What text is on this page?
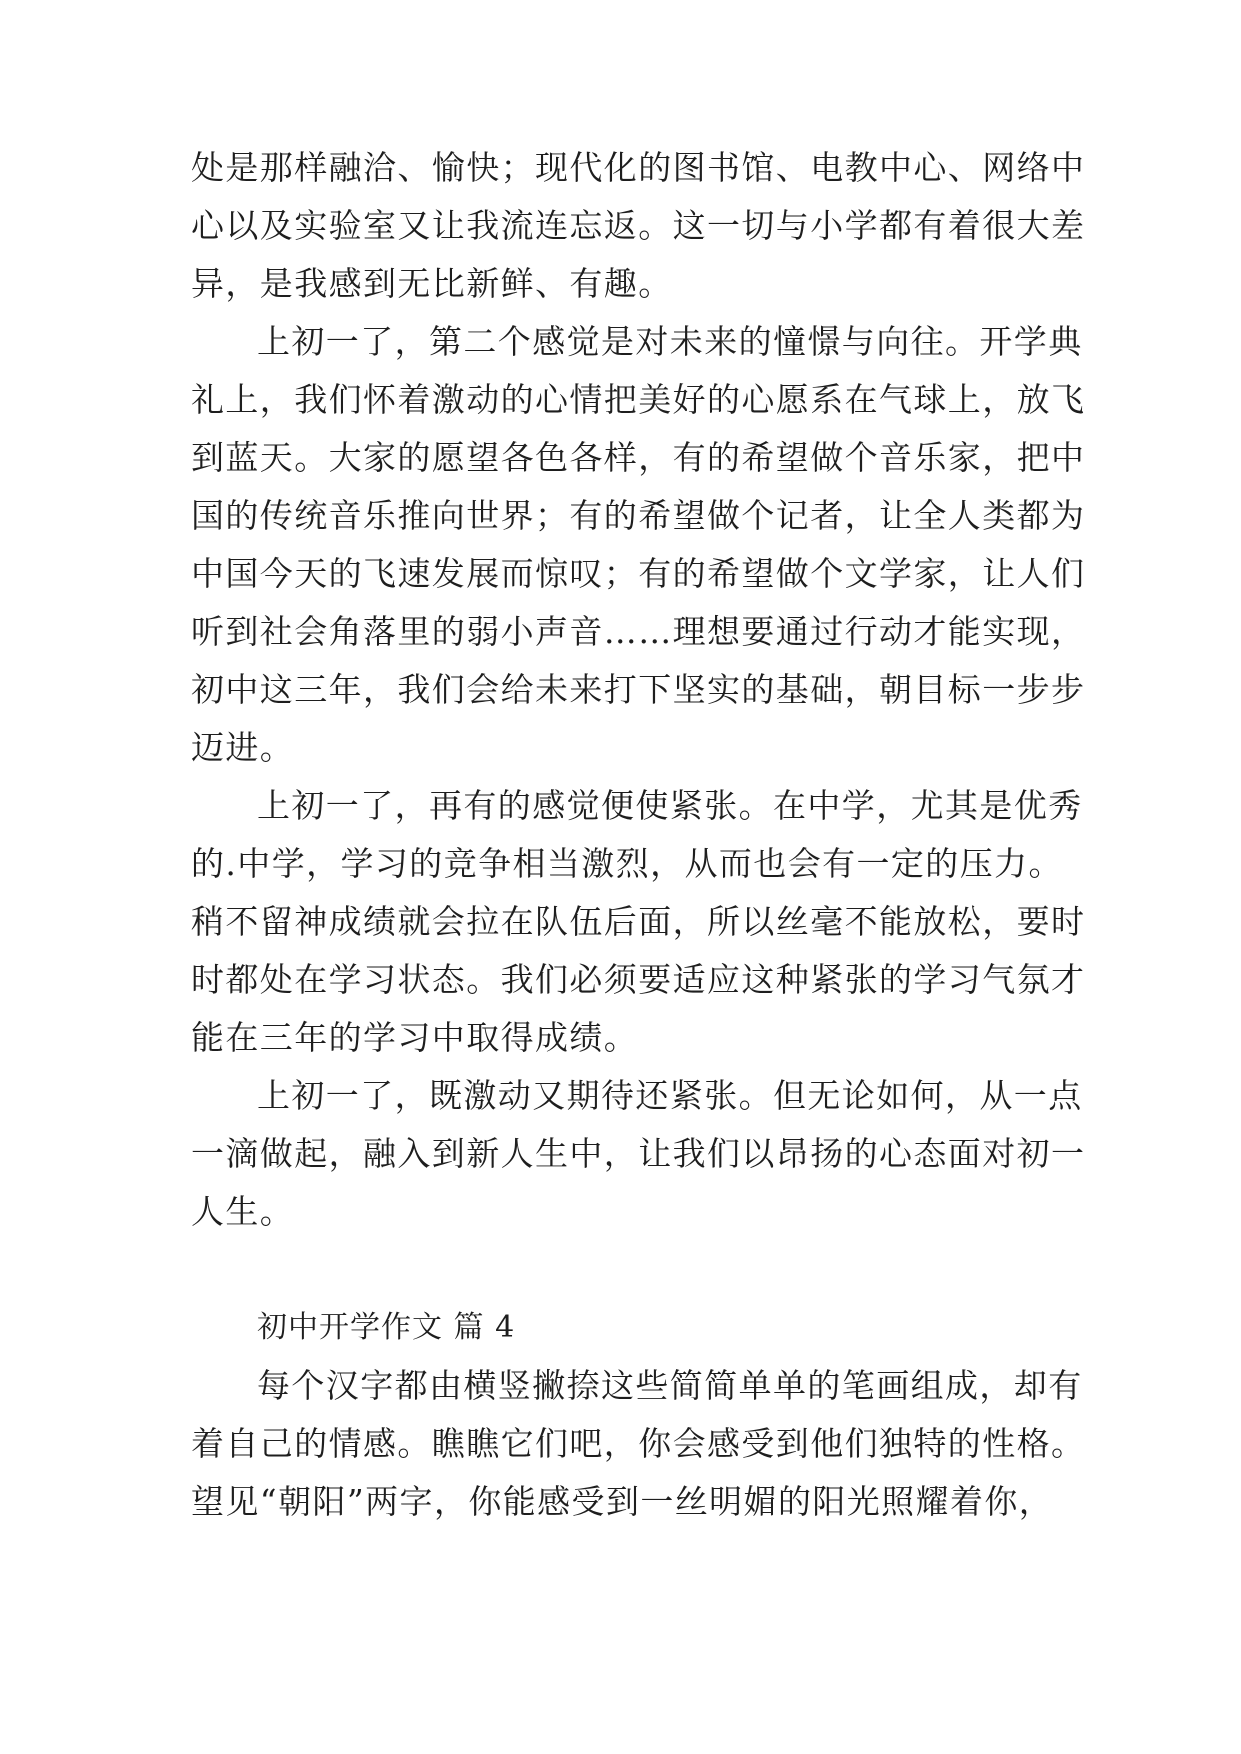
处是那样融洽、愉快；现代化的图书馆、电教中心、网络中
心以及实验室又让我流连忘返。这一切与小学都有着很大差
异，是我感到无比新鲜、有趣。
上初一了，第二个感觉是对未来的憧憬与向往。开学典
礼上，我们怀着激动的心情把美好的心愿系在气球上，放飞
到蓝天。大家的愿望各色各样，有的希望做个音乐家，把中
国的传统音乐推向世界；有的希望做个记者，让全人类都为
中国今天的飞速发展而惊叹；有的希望做个文学家，让人们
听到社会角落里的弱小声音……理想要通过行动才能实现，
初中这三年，我们会给未来打下坚实的基础，朝目标一步步
迈进。
上初一了，再有的感觉便使紧张。在中学，尤其是优秀
的.中学，学习的竞争相当激烈，从而也会有一定的压力。
稍不留神成绩就会拉在队伍后面，所以丝毫不能放松，要时
时都处在学习状态。我们必须要适应这种紧张的学习气氛才
能在三年的学习中取得成绩。
上初一了，既激动又期待还紧张。但无论如何，从一点
一滴做起，融入到新人生中，让我们以昂扬的心态面对初一
人生。
初中开学作文 篇 4
每个汉字都由横竖撇捺这些简简单单的笔画组成，却有
着自己的情感。瞧瞧它们吧，你会感受到他们独特的性格。
望见“朝阳”两字，你能感受到一丝明媚的阳光照耀着你，
